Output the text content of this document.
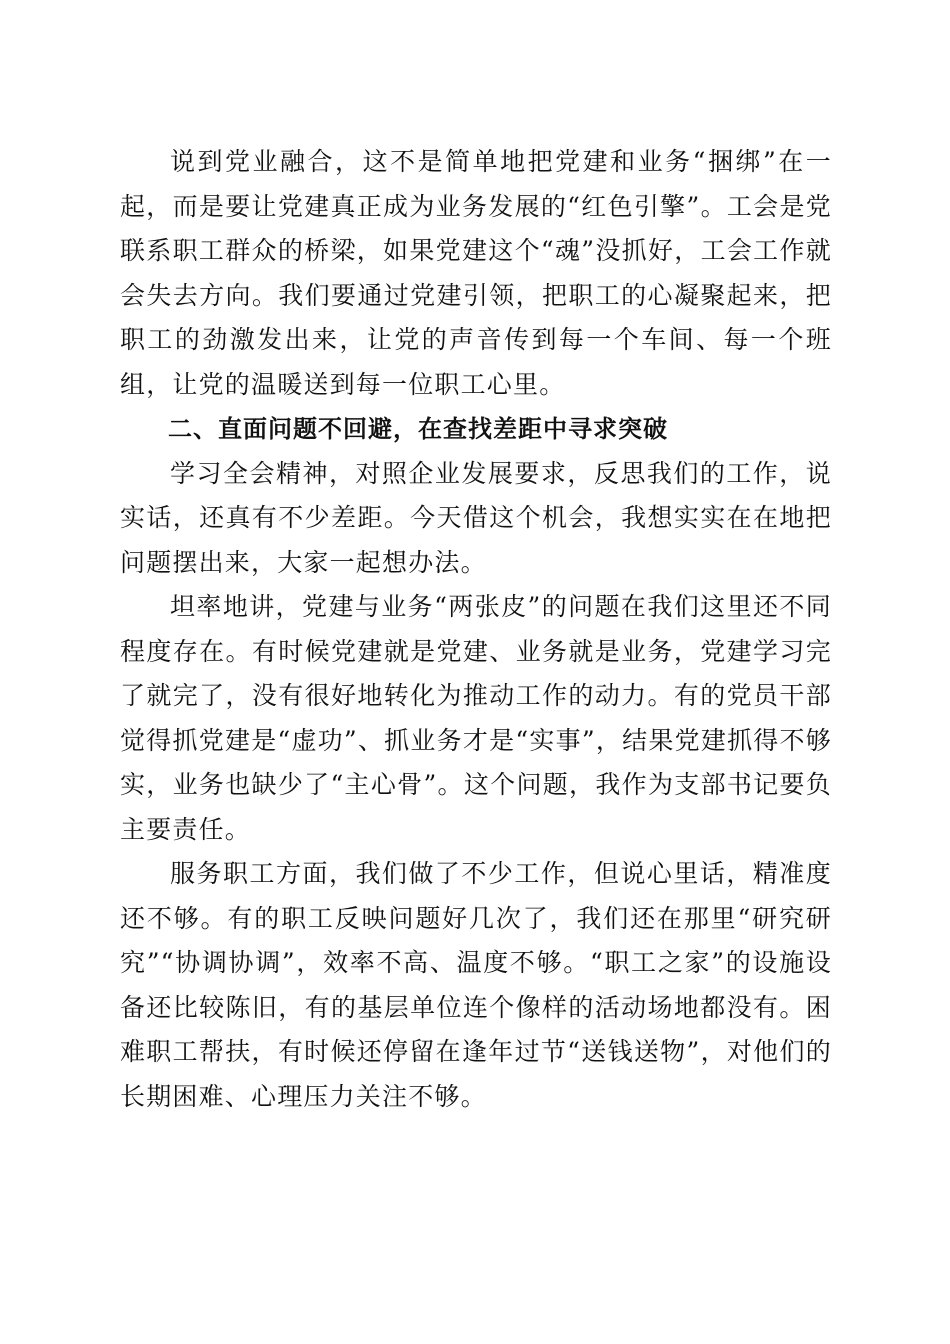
说到党业融合，这不是简单地把党建和业务“捆绑”在一起，而是要让党建真正成为业务发展的“红色引擎”。工会是党联系职工群众的桥梁，如果党建这个“魂”没抓好，工会工作就会失去方向。我们要通过党建引领，把职工的心凝聚起来，把职工的劲激发出来，让党的声音传到每一个车间、每一个班组，让党的温暖送到每一位职工心里。

二、直面问题不回避，在查找差距中寻求突破

学习全会精神，对照企业发展要求，反思我们的工作，说实话，还真有不少差距。今天借这个机会，我想实实在在地把问题摆出来，大家一起想办法。

坦率地讲，党建与业务“两张皮”的问题在我们这里还不同程度存在。有时候党建就是党建、业务就是业务，党建学习完了就完了，没有很好地转化为推动工作的动力。有的党员干部觉得抓党建是“虚功”、抓业务才是“实事”，结果党建抓得不够实，业务也缺少了“主心骨”。这个问题，我作为支部书记要负主要责任。

服务职工方面，我们做了不少工作，但说心里话，精准度还不够。有的职工反映问题好几次了，我们还在那里“研究研究”“协调协调”，效率不高、温度不够。“职工之家”的设施设备还比较陈旧，有的基层单位连个像样的活动场地都没有。困难职工帮扶，有时候还停留在逢年过节“送钱送物”，对他们的长期困难、心理压力关注不够。
